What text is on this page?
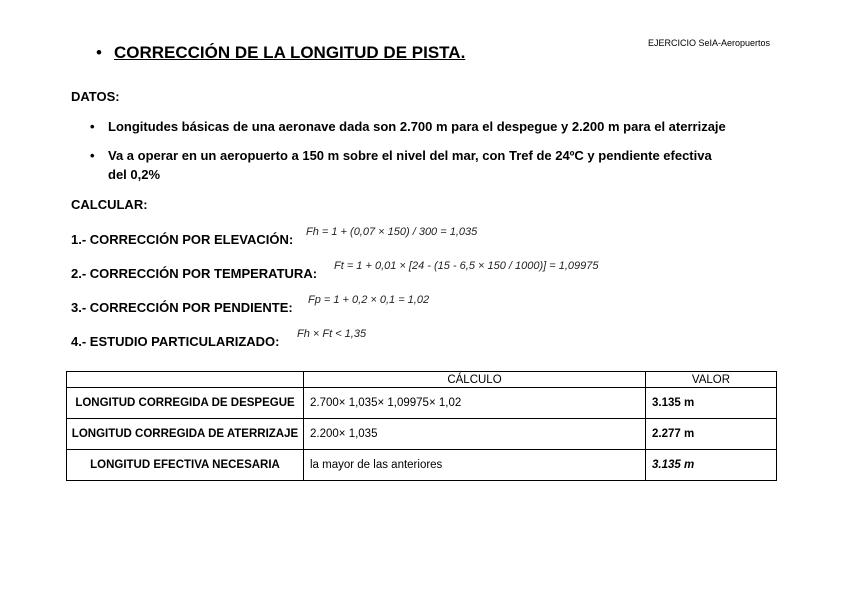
• CORRECCIÓN DE LA LONGITUD DE PISTA.	EJERCICIO SeIA-Aeropuertos
DATOS:
• Longitudes básicas de una aeronave dada son 2.700 m para el despegue y 2.200 m para el aterrizaje
• Va a operar en un aeropuerto a 150 m sobre el nivel del mar, con Tref de 24ºC y pendiente efectiva
del 0,2%
CALCULAR:
1.- CORRECCIÓN POR ELEVACIÓN: Fh = 1 + (0,07 × 150) / 300 = 1,035
2.- CORRECCIÓN POR TEMPERATURA: Ft = 1 + 0,01 × [24 - (15 - 6,5 × 150 / 1000)] = 1,09975
3.- CORRECCIÓN POR PENDIENTE: Fp = 1 + 0,2 × 0,1 = 1,02
4.- ESTUDIO PARTICULARIZADO: Fh × Ft < 1,35
	CÁLCULO	VALOR
LONGITUD CORREGIDA DE DESPEGUE	2.700× 1,035× 1,09975× 1,02	3.135 m
LONGITUD CORREGIDA DE ATERRIZAJE	2.200× 1,035	2.277 m
LONGITUD EFECTIVA NECESARIA	la mayor de las anteriores	3.135 m
